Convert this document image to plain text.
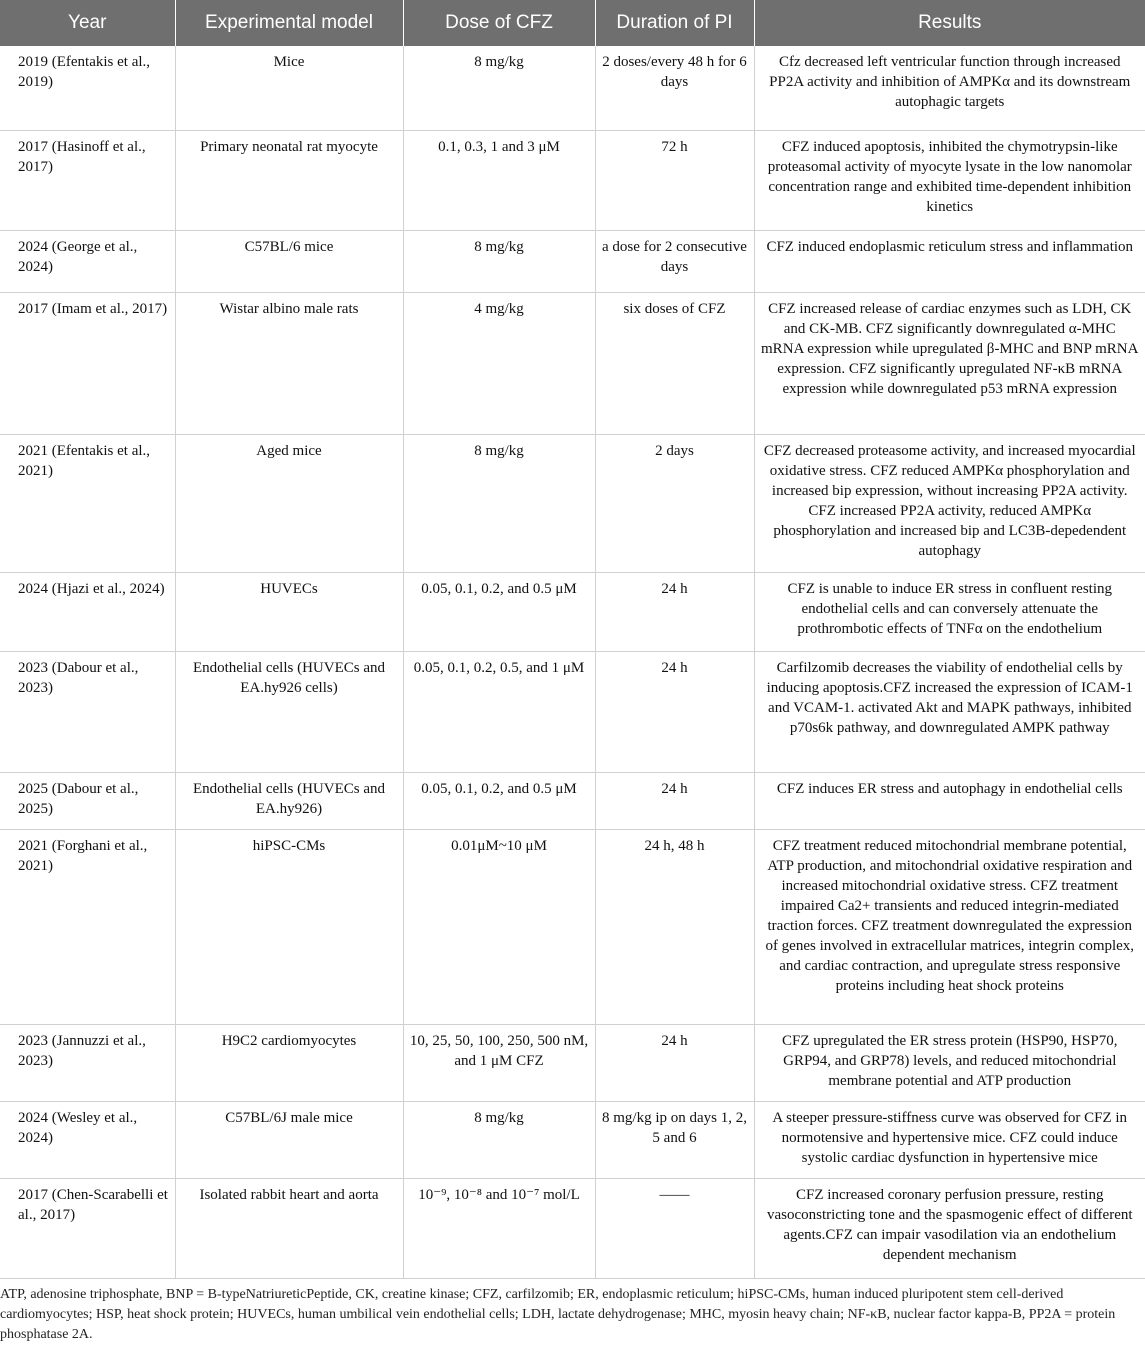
Year	Experimental model	Dose of CFZ	Duration of PI	Results
2019 (Efentakis et al., 2019)	Mice	8 mg/kg	2 doses/every 48 h for 6 days	Cfz decreased left ventricular function through increased PP2A activity and inhibition of AMPKα and its downstream autophagic targets
2017 (Hasinoff et al., 2017)	Primary neonatal rat myocyte	0.1, 0.3, 1 and 3 μM	72 h	CFZ induced apoptosis, inhibited the chymotrypsin-like proteasomal activity of myocyte lysate in the low nanomolar concentration range and exhibited time-dependent inhibition kinetics
2024 (George et al., 2024)	C57BL/6 mice	8 mg/kg	a dose for 2 consecutive days	CFZ induced endoplasmic reticulum stress and inflammation
2017 (Imam et al., 2017)	Wistar albino male rats	4 mg/kg	six doses of CFZ	CFZ increased release of cardiac enzymes such as LDH, CK and CK-MB. CFZ significantly downregulated α-MHC mRNA expression while upregulated β-MHC and BNP mRNA expression. CFZ significantly upregulated NF-κB mRNA expression while downregulated p53 mRNA expression
2021 (Efentakis et al., 2021)	Aged mice	8 mg/kg	2 days	CFZ decreased proteasome activity, and increased myocardial oxidative stress. CFZ reduced AMPKα phosphorylation and increased bip expression, without increasing PP2A activity. CFZ increased PP2A activity, reduced AMPKα phosphorylation and increased bip and LC3B-depedendent autophagy
2024 (Hjazi et al., 2024)	HUVECs	0.05, 0.1, 0.2, and 0.5 μM	24 h	CFZ is unable to induce ER stress in confluent resting endothelial cells and can conversely attenuate the prothrombotic effects of TNFα on the endothelium
2023 (Dabour et al., 2023)	Endothelial cells (HUVECs and EA.hy926 cells)	0.05, 0.1, 0.2, 0.5, and 1 μM	24 h	Carfilzomib decreases the viability of endothelial cells by inducing apoptosis.CFZ increased the expression of ICAM-1 and VCAM-1. activated Akt and MAPK pathways, inhibited p70s6k pathway, and downregulated AMPK pathway
2025 (Dabour et al., 2025)	Endothelial cells (HUVECs and EA.hy926)	0.05, 0.1, 0.2, and 0.5 μM	24 h	CFZ induces ER stress and autophagy in endothelial cells
2021 (Forghani et al., 2021)	hiPSC-CMs	0.01μM~10 μM	24 h, 48 h	CFZ treatment reduced mitochondrial membrane potential, ATP production, and mitochondrial oxidative respiration and increased mitochondrial oxidative stress. CFZ treatment impaired Ca2+ transients and reduced integrin-mediated traction forces. CFZ treatment downregulated the expression of genes involved in extracellular matrices, integrin complex, and cardiac contraction, and upregulate stress responsive proteins including heat shock proteins
2023 (Jannuzzi et al., 2023)	H9C2 cardiomyocytes	10, 25, 50, 100, 250, 500 nM, and 1 μM CFZ	24 h	CFZ upregulated the ER stress protein (HSP90, HSP70, GRP94, and GRP78) levels, and reduced mitochondrial membrane potential and ATP production
2024 (Wesley et al., 2024)	C57BL/6J male mice	8 mg/kg	8 mg/kg ip on days 1, 2, 5 and 6	A steeper pressure-stiffness curve was observed for CFZ in normotensive and hypertensive mice. CFZ could induce systolic cardiac dysfunction in hypertensive mice
2017 (Chen-Scarabelli et al., 2017)	Isolated rabbit heart and aorta	10⁻⁹, 10⁻⁸ and 10⁻⁷ mol/L	——	CFZ increased coronary perfusion pressure, resting vasoconstricting tone and the spasmogenic effect of different agents.CFZ can impair vasodilation via an endothelium dependent mechanism
ATP, adenosine triphosphate, BNP = B-typeNatriureticPeptide, CK, creatine kinase; CFZ, carfilzomib; ER, endoplasmic reticulum; hiPSC-CMs, human induced pluripotent stem cell-derived cardiomyocytes; HSP, heat shock protein; HUVECs, human umbilical vein endothelial cells; LDH, lactate dehydrogenase; MHC, myosin heavy chain; NF-κB, nuclear factor kappa-B, PP2A = protein phosphatase 2A.
